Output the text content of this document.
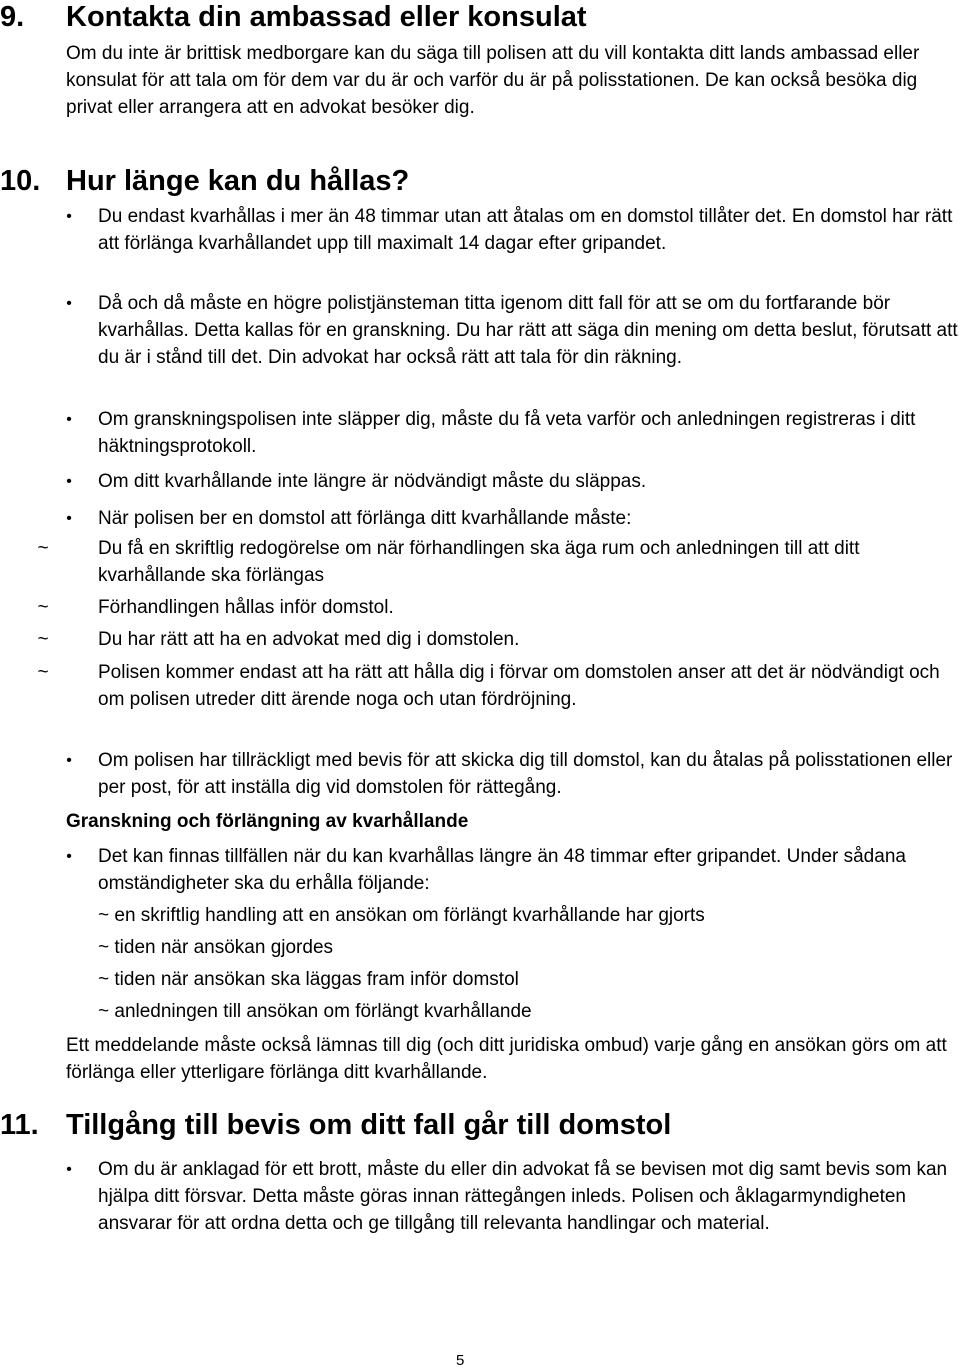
9. Kontakta din ambassad eller konsulat

Om du inte är brittisk medborgare kan du säga till polisen att du vill kontakta ditt lands ambassad eller konsulat för att tala om för dem var du är och varför du är på polisstationen. De kan också besöka dig privat eller arrangera att en advokat besöker dig.

10. Hur länge kan du hållas?
• Du endast kvarhållas i mer än 48 timmar utan att åtalas om en domstol tillåter det. En domstol har rätt att förlänga kvarhållandet upp till maximalt 14 dagar efter gripandet.
• Då och då måste en högre polistjänsteman titta igenom ditt fall för att se om du fortfarande bör kvarhållas. Detta kallas för en granskning. Du har rätt att säga din mening om detta beslut, förutsatt att du är i stånd till det. Din advokat har också rätt att tala för din räkning.
• Om granskningspolisen inte släpper dig, måste du få veta varför och anledningen registreras i ditt häktningsprotokoll.
• Om ditt kvarhållande inte längre är nödvändigt måste du släppas.
• När polisen ber en domstol att förlänga ditt kvarhållande måste:
~	Du få en skriftlig redogörelse om när förhandlingen ska äga rum och anledningen till att ditt kvarhållande ska förlängas
~	Förhandlingen hållas inför domstol.
~	Du har rätt att ha en advokat med dig i domstolen.
~	Polisen kommer endast att ha rätt att hålla dig i förvar om domstolen anser att det är nödvändigt och om polisen utreder ditt ärende noga och utan fördröjning.
• Om polisen har tillräckligt med bevis för att skicka dig till domstol, kan du åtalas på polisstationen eller per post, för att inställa dig vid domstolen för rättegång.
Granskning och förlängning av kvarhållande
• Det kan finnas tillfällen när du kan kvarhållas längre än 48 timmar efter gripandet. Under sådana omständigheter ska du erhålla följande:
~ en skriftlig handling att en ansökan om förlängt kvarhållande har gjorts
~ tiden när ansökan gjordes
~ tiden när ansökan ska läggas fram inför domstol
~ anledningen till ansökan om förlängt kvarhållande

Ett meddelande måste också lämnas till dig (och ditt juridiska ombud) varje gång en ansökan görs om att förlänga eller ytterligare förlänga ditt kvarhållande.

11. Tillgång till bevis om ditt fall går till domstol
• Om du är anklagad för ett brott, måste du eller din advokat få se bevisen mot dig samt bevis som kan hjälpa ditt försvar. Detta måste göras innan rättegången inleds. Polisen och åklagarmyndigheten ansvarar för att ordna detta och ge tillgång till relevanta handlingar och material.
5
